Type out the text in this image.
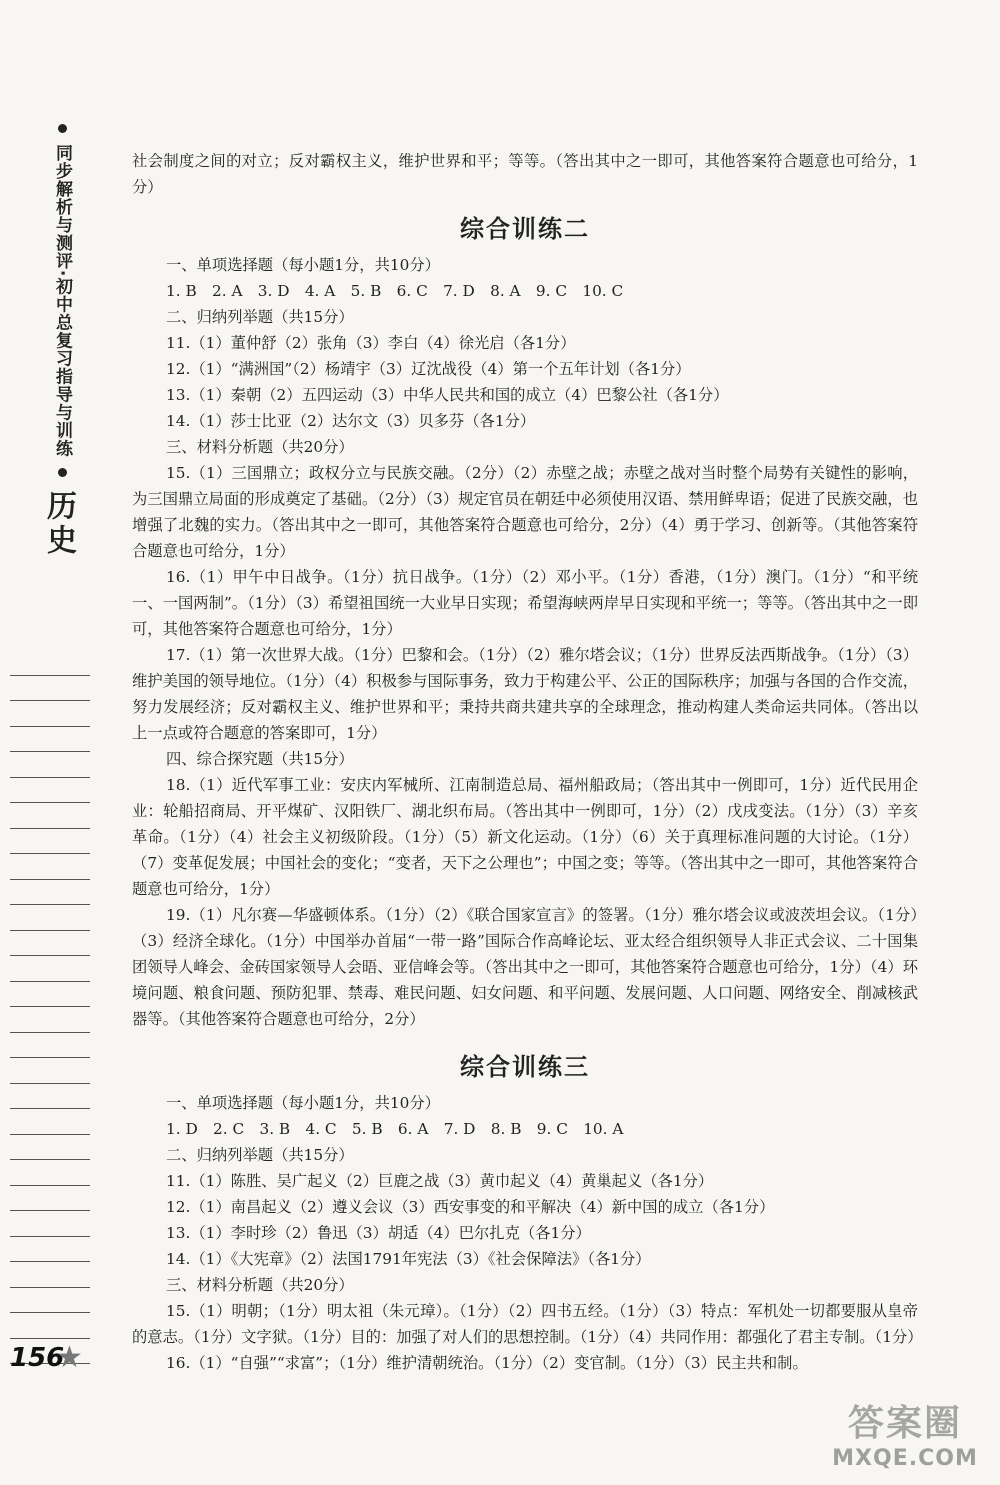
同步解析与测评·初中总复习指导与训练
历史
156
★

社会制度之间的对立；反对霸权主义，维护世界和平；等等。（答出其中之一即可，其他答案符合题意也可给分，1分）

综合训练二

一、单项选择题（每小题1分，共10分）

1. B　2. A　3. D　4. A　5. B　6. C　7. D　8. A　9. C　10. C

二、归纳列举题（共15分）

11.（1）董仲舒（2）张角（3）李白（4）徐光启（各1分）

12.（1）“满洲国”（2）杨靖宇（3）辽沈战役（4）第一个五年计划（各1分）

13.（1）秦朝（2）五四运动（3）中华人民共和国的成立（4）巴黎公社（各1分）

14.（1）莎士比亚（2）达尔文（3）贝多芬（各1分）

三、材料分析题（共20分）

15.（1）三国鼎立；政权分立与民族交融。（2分）（2）赤壁之战；赤壁之战对当时整个局势有关键性的影响，为三国鼎立局面的形成奠定了基础。（2分）（3）规定官员在朝廷中必须使用汉语、禁用鲜卑语；促进了民族交融，也增强了北魏的实力。（答出其中之一即可，其他答案符合题意也可给分，2分）（4）勇于学习、创新等。（其他答案符合题意也可给分，1分）

16.（1）甲午中日战争。（1分）抗日战争。（1分）（2）邓小平。（1分）香港，（1分）澳门。（1分）“和平统一、一国两制”。（1分）（3）希望祖国统一大业早日实现；希望海峡两岸早日实现和平统一；等等。（答出其中之一即可，其他答案符合题意也可给分，1分）

17.（1）第一次世界大战。（1分）巴黎和会。（1分）（2）雅尔塔会议；（1分）世界反法西斯战争。（1分）（3）维护美国的领导地位。（1分）（4）积极参与国际事务，致力于构建公平、公正的国际秩序；加强与各国的合作交流，努力发展经济；反对霸权主义、维护世界和平；秉持共商共建共享的全球理念，推动构建人类命运共同体。（答出以上一点或符合题意的答案即可，1分）

四、综合探究题（共15分）

18.（1）近代军事工业：安庆内军械所、江南制造总局、福州船政局；（答出其中一例即可，1分）近代民用企业：轮船招商局、开平煤矿、汉阳铁厂、湖北织布局。（答出其中一例即可，1分）（2）戊戌变法。（1分）（3）辛亥革命。（1分）（4）社会主义初级阶段。（1分）（5）新文化运动。（1分）（6）关于真理标准问题的大讨论。（1分）（7）变革促发展；中国社会的变化；“变者，天下之公理也”；中国之变；等等。（答出其中之一即可，其他答案符合题意也可给分，1分）

19.（1）凡尔赛—华盛顿体系。（1分）（2）《联合国家宣言》的签署。（1分）雅尔塔会议或波茨坦会议。（1分）（3）经济全球化。（1分）中国举办首届“一带一路”国际合作高峰论坛、亚太经合组织领导人非正式会议、二十国集团领导人峰会、金砖国家领导人会晤、亚信峰会等。（答出其中之一即可，其他答案符合题意也可给分，1分）（4）环境问题、粮食问题、预防犯罪、禁毒、难民问题、妇女问题、和平问题、发展问题、人口问题、网络安全、削减核武器等。（其他答案符合题意也可给分，2分）

综合训练三

一、单项选择题（每小题1分，共10分）

1. D　2. C　3. B　4. C　5. B　6. A　7. D　8. B　9. C　10. A

二、归纳列举题（共15分）

11.（1）陈胜、吴广起义（2）巨鹿之战（3）黄巾起义（4）黄巢起义（各1分）

12.（1）南昌起义（2）遵义会议（3）西安事变的和平解决（4）新中国的成立（各1分）

13.（1）李时珍（2）鲁迅（3）胡适（4）巴尔扎克（各1分）

14.（1）《大宪章》（2）法国1791年宪法（3）《社会保障法》（各1分）

三、材料分析题（共20分）

15.（1）明朝；（1分）明太祖（朱元璋）。（1分）（2）四书五经。（1分）（3）特点：军机处一切都要服从皇帝的意志。（1分）文字狱。（1分）目的：加强了对人们的思想控制。（1分）（4）共同作用：都强化了君主专制。（1分）

16.（1）“自强”“求富”；（1分）维护清朝统治。（1分）（2）变官制。（1分）（3）民主共和制。

答案圈
MXQE.COM
